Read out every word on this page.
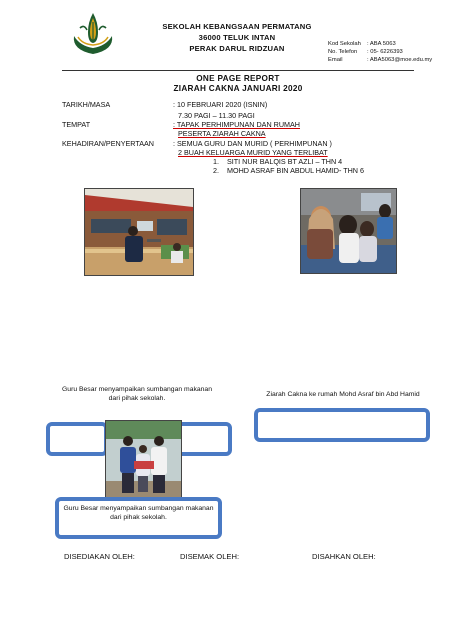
SEKOLAH KEBANGSAAN PERMATANG
36000 TELUK INTAN
PERAK DARUL RIDZUAN	Kod Sekolah	: ABA 5063
No. Telefon	: 05- 6226393
Email	: ABA5063@moe.edu.my
ONE PAGE REPORT
ZIARAH CAKNA JANUARI 2020
TARIKH/MASA	: 10 FEBRUARI 2020 (ISNIN)
7.30 PAGI – 11.30 PAGI
TEMPAT	: TAPAK PERHIMPUNAN DAN RUMAH
PESERTA ZIARAH CAKNA
KEHADIRAN/PENYERTAAN	: SEMUA GURU DAN MURID ( PERHIMPUNAN )
2 BUAH KELUARGA MURID YANG TERLIBAT
1. SITI NUR BALQIS BT AZLI – THN 4
2. MOHD ASRAF BIN ABDUL HAMID- THN 6
Guru Besar menyampaikan sumbangan makanan dari pihak sekolah.	Ziarah Cakna ke rumah Mohd Asraf bin Abd Hamid
Guru Besar menyampaikan sumbangan makanan dari pihak sekolah.
DISEDIAKAN OLEH:	DISEMAK OLEH:	DISAHKAN OLEH:
